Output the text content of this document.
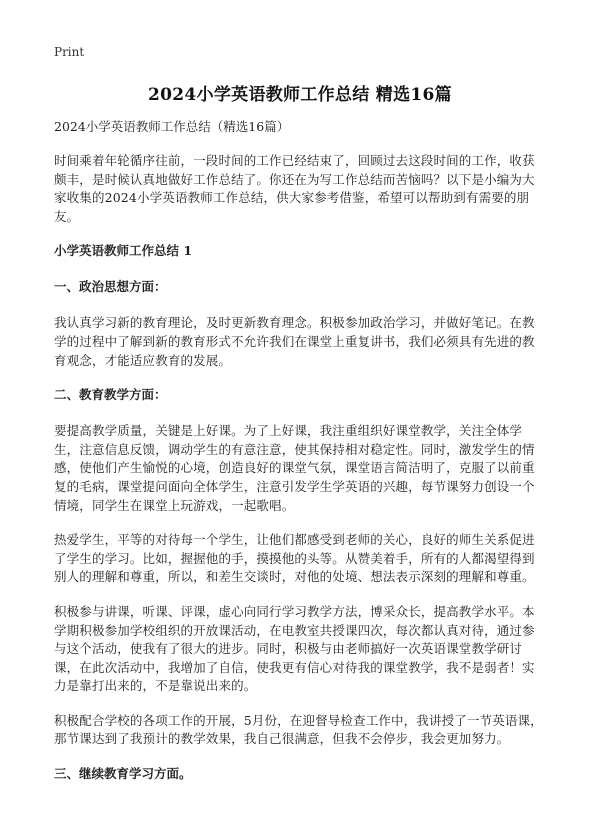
Print
2024小学英语教师工作总结 精选16篇
2024小学英语教师工作总结（精选16篇）

时间乘着年轮循序往前，一段时间的工作已经结束了，回顾过去这段时间的工作，收获颇丰，是时候认真地做好工作总结了。你还在为写工作总结而苦恼吗？以下是小编为大家收集的2024小学英语教师工作总结，供大家参考借鉴，希望可以帮助到有需要的朋友。

小学英语教师工作总结 1
一、政治思想方面：

我认真学习新的教育理论，及时更新教育理念。积极参加政治学习，并做好笔记。在教学的过程中了解到新的教育形式不允许我们在课堂上重复讲书，我们必须具有先进的教育观念，才能适应教育的发展。

二、教育教学方面：

要提高教学质量，关键是上好课。为了上好课，我注重组织好课堂教学，关注全体学生，注意信息反馈，调动学生的有意注意，使其保持相对稳定性。同时，激发学生的情感，使他们产生愉悦的心境，创造良好的课堂气氛，课堂语言简洁明了，克服了以前重复的毛病，课堂提问面向全体学生，注意引发学生学英语的兴趣，每节课努力创设一个情境，同学生在课堂上玩游戏，一起歌唱。

热爱学生，平等的对待每一个学生，让他们都感受到老师的关心，良好的师生关系促进了学生的学习。比如，握握他的手，摸摸他的头等。从赞美着手，所有的人都渴望得到别人的理解和尊重，所以，和差生交谈时，对他的处境、想法表示深刻的理解和尊重。

积极参与讲课，听课、评课，虚心向同行学习教学方法，博采众长，提高教学水平。本学期积极参加学校组织的开放课活动，在电教室共授课四次，每次都认真对待，通过参与这个活动，使我有了很大的进步。同时，积极与由老师搞好一次英语课堂教学研讨课，在此次活动中，我增加了自信，使我更有信心对待我的课堂教学，我不是弱者！实力是靠打出来的，不是靠说出来的。

积极配合学校的各项工作的开展，5月份，在迎督导检查工作中，我讲授了一节英语课，那节课达到了我预计的教学效果，我自己很满意，但我不会停步，我会更加努力。

三、继续教育学习方面。
